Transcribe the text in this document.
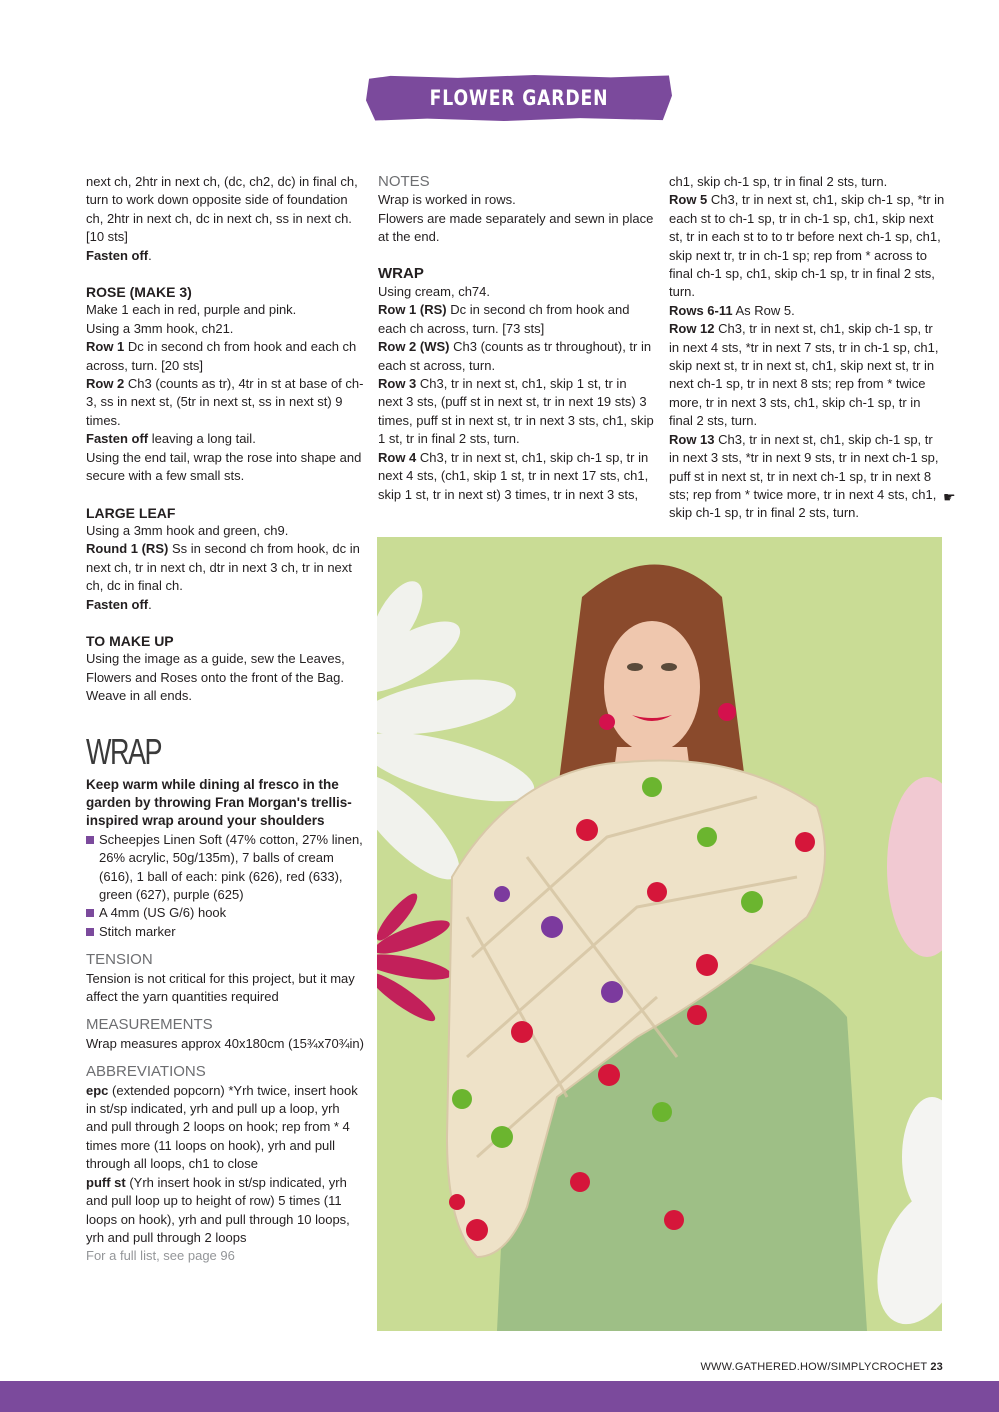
FLOWER GARDEN COLLECTION

next ch, 2htr in next ch, (dc, ch2, dc) in final ch, turn to work down opposite side of foundation ch, 2htr in next ch, dc in next ch, ss in next ch. [10 sts]

Fasten off.

ROSE (MAKE 3)

Make 1 each in red, purple and pink.

Using a 3mm hook, ch21.

Row 1 Dc in second ch from hook and each ch across, turn. [20 sts]

Row 2 Ch3 (counts as tr), 4tr in st at base of ch-3, ss in next st, (5tr in next st, ss in next st) 9 times.

Fasten off leaving a long tail.

Using the end tail, wrap the rose into shape and secure with a few small sts.

LARGE LEAF

Using a 3mm hook and green, ch9.

Round 1 (RS) Ss in second ch from hook, dc in next ch, tr in next ch, dtr in next 3 ch, tr in next ch, dc in final ch.

Fasten off.

TO MAKE UP

Using the image as a guide, sew the Leaves, Flowers and Roses onto the front of the Bag. Weave in all ends.

WRAP

Keep warm while dining al fresco in the garden by throwing Fran Morgan's trellis-inspired wrap around your shoulders

Scheepjes Linen Soft (47% cotton, 27% linen, 26% acrylic, 50g/135m), 7 balls of cream (616), 1 ball of each: pink (626), red (633), green (627), purple (625)

A 4mm (US G/6) hook

Stitch marker

TENSION

Tension is not critical for this project, but it may affect the yarn quantities required

MEASUREMENTS

Wrap measures approx 40x180cm (15¾x70¾in)

ABBREVIATIONS

epc (extended popcorn) *Yrh twice, insert hook in st/sp indicated, yrh and pull up a loop, yrh and pull through 2 loops on hook; rep from * 4 times more (11 loops on hook), yrh and pull through all loops, ch1 to close

puff st (Yrh insert hook in st/sp indicated, yrh and pull loop up to height of row) 5 times (11 loops on hook), yrh and pull through 10 loops, yrh and pull through 2 loops

For a full list, see page 96

NOTES

Wrap is worked in rows.

Flowers are made separately and sewn in place at the end.

WRAP

Using cream, ch74.

Row 1 (RS) Dc in second ch from hook and each ch across, turn. [73 sts]

Row 2 (WS) Ch3 (counts as tr throughout), tr in each st across, turn.

Row 3 Ch3, tr in next st, ch1, skip 1 st, tr in next 3 sts, (puff st in next st, tr in next 19 sts) 3 times, puff st in next st, tr in next 3 sts, ch1, skip 1 st, tr in final 2 sts, turn.

Row 4 Ch3, tr in next st, ch1, skip ch-1 sp, tr in next 4 sts, (ch1, skip 1 st, tr in next 17 sts, ch1, skip 1 st, tr in next st) 3 times, tr in next 3 sts,

ch1, skip ch-1 sp, tr in final 2 sts, turn.

Row 5 Ch3, tr in next st, ch1, skip ch-1 sp, *tr in each st to ch-1 sp, tr in ch-1 sp, ch1, skip next st, tr in each st to to tr before next ch-1 sp, ch1, skip next tr, tr in ch-1 sp; rep from * across to final ch-1 sp, ch1, skip ch-1 sp, tr in final 2 sts, turn.

Rows 6-11 As Row 5.

Row 12 Ch3, tr in next st, ch1, skip ch-1 sp, tr in next 4 sts, *tr in next 7 sts, tr in ch-1 sp, ch1, skip next st, tr in next st, ch1, skip next st, tr in next ch-1 sp, tr in next 8 sts; rep from * twice more, tr in next 3 sts, ch1, skip ch-1 sp, tr in final 2 sts, turn.

Row 13 Ch3, tr in next st, ch1, skip ch-1 sp, tr in next 3 sts, *tr in next 9 sts, tr in next ch-1 sp, puff st in next st, tr in next ch-1 sp, tr in next 8 sts; rep from * twice more, tr in next 4 sts, ch1, skip ch-1 sp, tr in final 2 sts, turn.

☛
WWW.GATHERED.HOW/SIMPLYCROCHET 23
